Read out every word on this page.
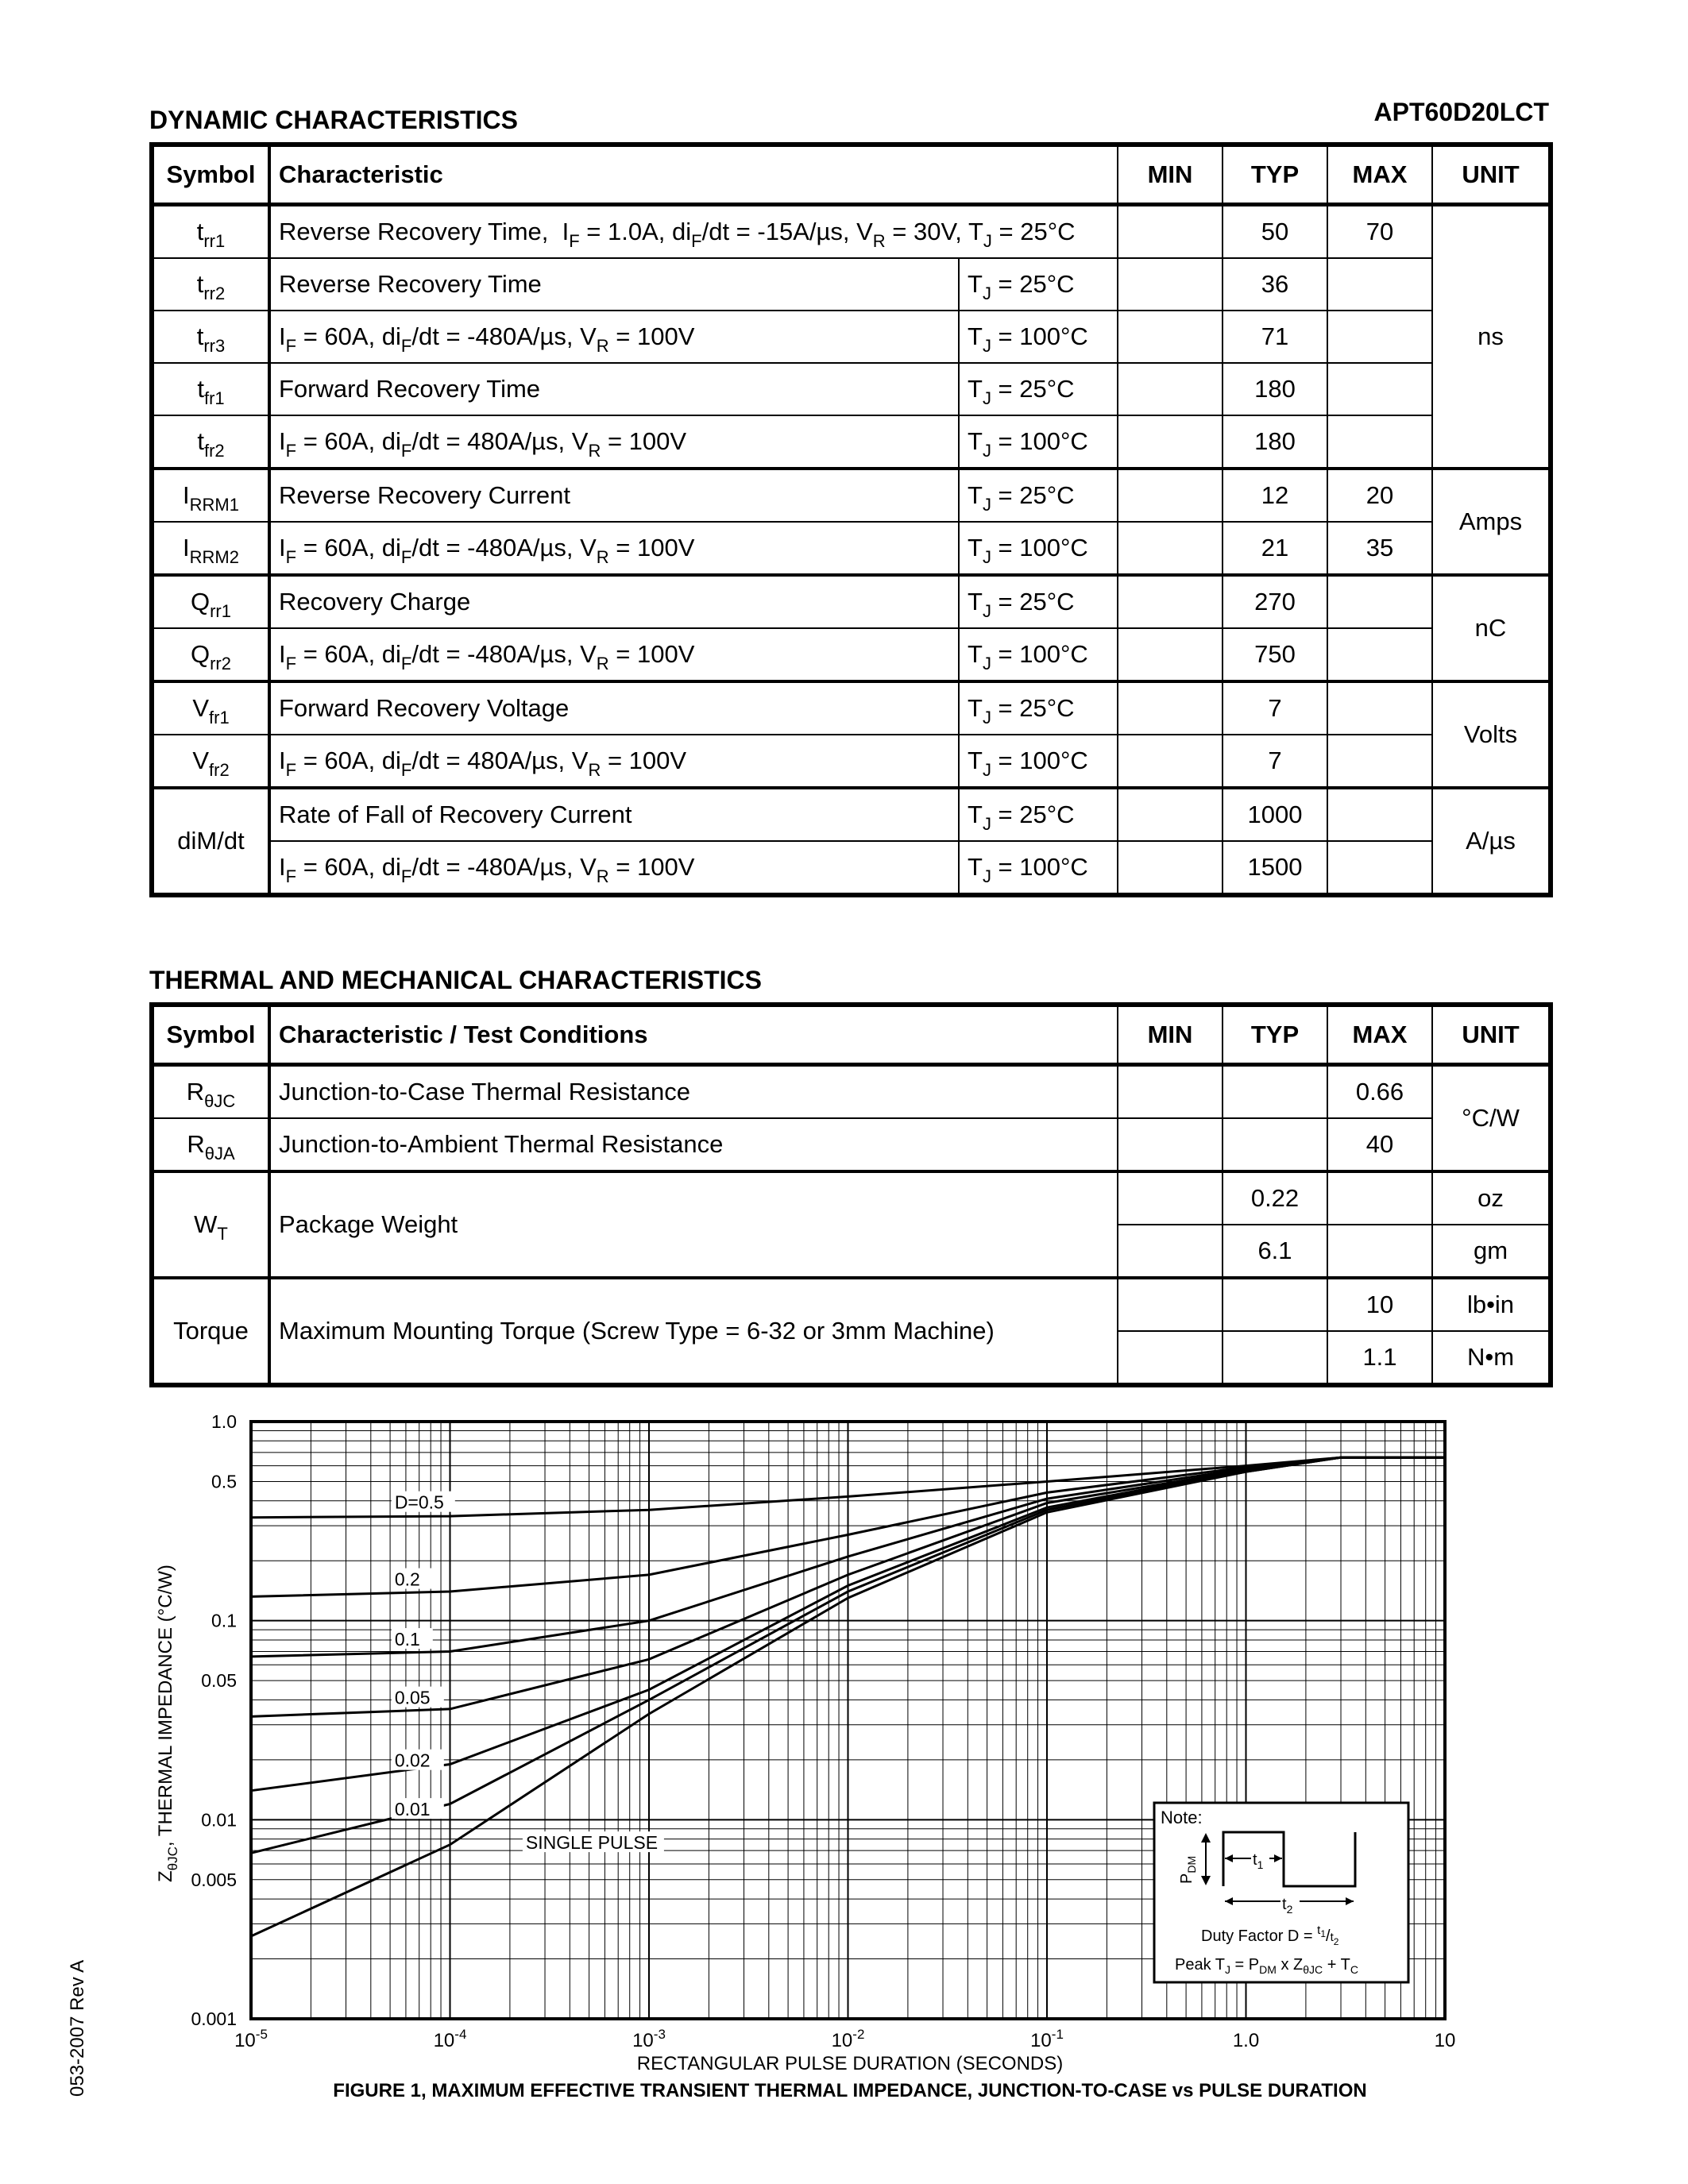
DYNAMIC CHARACTERISTICS	APT60D20LCT
Symbol	Characteristic		MIN	TYP	MAX	UNIT
$t_{rr1}$	Reverse Recovery Time,  $I_F = 1.0A$, $di_F/dt = -15A/\mu s$, $V_R = 30V$, $T_J = 25^\circ C$			50	70	ns
$t_{rr2}$	Reverse Recovery Time	$T_J = 25^\circ C$		36		
$t_{rr3}$	$I_F = 60A$, $di_F/dt = -480A/\mu s$, $V_R = 100V$	$T_J = 100^\circ C$		71		
$t_{fr1}$	Forward Recovery Time	$T_J = 25^\circ C$		180		
$t_{fr2}$	$I_F = 60A$, $di_F/dt = 480A/\mu s$, $V_R = 100V$	$T_J = 100^\circ C$		180		
$I_{RRM1}$	Reverse Recovery Current	$T_J = 25^\circ C$		12	20	Amps
$I_{RRM2}$	$I_F = 60A$, $di_F/dt = -480A/\mu s$, $V_R = 100V$	$T_J = 100^\circ C$		21	35	
$Q_{rr1}$	Recovery Charge	$T_J = 25^\circ C$		270		nC
$Q_{rr2}$	$I_F = 60A$, $di_F/dt = -480A/\mu s$, $V_R = 100V$	$T_J = 100^\circ C$		750		
$V_{fr1}$	Forward Recovery Voltage	$T_J = 25^\circ C$		7		Volts
$V_{fr2}$	$I_F = 60A$, $di_F/dt = 480A/\mu s$, $V_R = 100V$	$T_J = 100^\circ C$		7		
diM/dt	Rate of Fall of Recovery Current	$T_J = 25^\circ C$		1000		A/µs
	$I_F = 60A$, $di_F/dt = -480A/\mu s$, $V_R = 100V$	$T_J = 100^\circ C$		1500		
THERMAL AND MECHANICAL CHARACTERISTICS
Symbol	Characteristic / Test Conditions	MIN	TYP	MAX	UNIT
$R_{\theta JC}$	Junction-to-Case Thermal Resistance			0.66	°C/W
$R_{\theta JA}$	Junction-to-Ambient Thermal Resistance			40	
$W_T$	Package Weight		0.22		oz
			6.1		gm
Torque	Maximum Mounting Torque (Screw Type = 6-32 or 3mm Machine)			10	lb•in
				1.1	N•m
D=0.5
0.2
0.1
0.05
0.02
0.01
SINGLE PULSE
$10^{-5}$	$10^{-4}$	$10^{-3}$	$10^{-2}$	$10^{-1}$	1.0	10
1.0
0.5
0.1
0.05
0.01
0.005
0.001
RECTANGULAR PULSE DURATION (SECONDS)
FIGURE 1, MAXIMUM EFFECTIVE TRANSIENT THERMAL IMPEDANCE, JUNCTION-TO-CASE vs PULSE DURATION
$Z_{\theta JC}$, THERMAL IMPEDANCE (°C/W)	Note:
$P_{DM}$	$t_1$
$t_2$
Duty Factor $D = ^t_1/t_2$
Peak $T_J = P_{DM}$ x $Z_{\theta JC} + T_C$
053-2007 Rev A
